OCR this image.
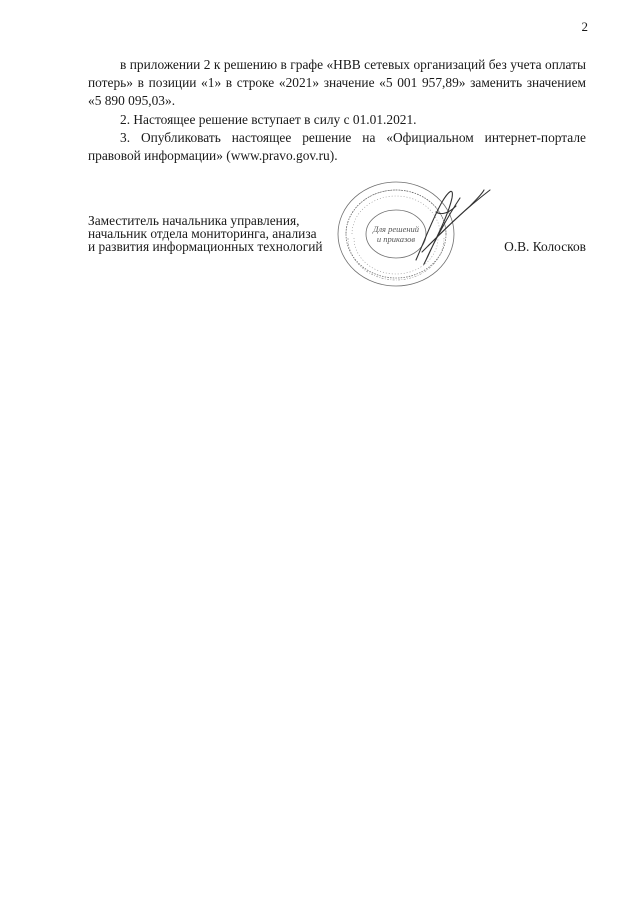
2

в приложении 2 к решению в графе «НВВ сетевых организаций без учета оплаты потерь» в позиции «1» в строке «2021» значение «5 001 957,89» заменить значением «5 890 095,03».

2. Настоящее решение вступает в силу с 01.01.2021.

3. Опубликовать настоящее решение на «Официальном интернет-портале правовой информации» (www.pravo.gov.ru).

Заместитель начальника управления,

начальник отдела мониторинга, анализа

и развития информационных технологий	О.В. Колосков
Для решений
и приказов
